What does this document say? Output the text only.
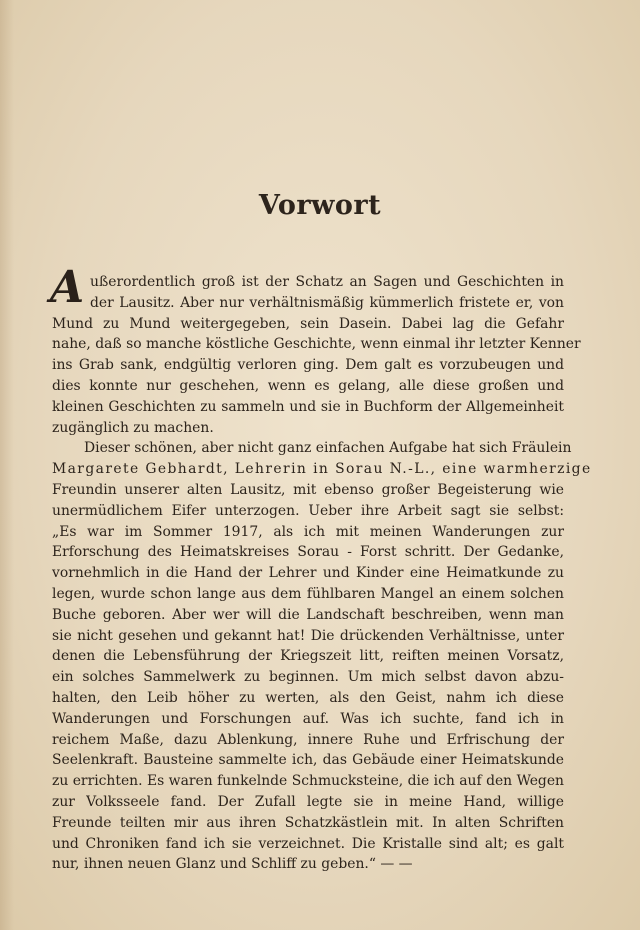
Vorwort
A ußerordentlich groß ist der Schatz an Sagen und Geschichten in
der Lausitz. Aber nur verhältnismäßig kümmerlich fristete er, von
Mund zu Mund weitergegeben, sein Dasein. Dabei lag die Gefahr
nahe, daß so manche köstliche Geschichte, wenn einmal ihr letzter Kenner
ins Grab sank, endgültig verloren ging. Dem galt es vorzubeugen und
dies konnte nur geschehen, wenn es gelang, alle diese großen und
kleinen Geschichten zu sammeln und sie in Buchform der Allgemeinheit
zugänglich zu machen.
Dieser schönen, aber nicht ganz einfachen Aufgabe hat sich Fräulein
Margarete Gebhardt, Lehrerin in Sorau N.-L., eine warmherzige
Freundin unserer alten Lausitz, mit ebenso großer Begeisterung wie
unermüdlichem Eifer unterzogen. Ueber ihre Arbeit sagt sie selbst:
„Es war im Sommer 1917, als ich mit meinen Wanderungen zur
Erforschung des Heimatskreises Sorau - Forst schritt. Der Gedanke,
vornehmlich in die Hand der Lehrer und Kinder eine Heimatkunde zu
legen, wurde schon lange aus dem fühlbaren Mangel an einem solchen
Buche geboren. Aber wer will die Landschaft beschreiben, wenn man
sie nicht gesehen und gekannt hat! Die drückenden Verhältnisse, unter
denen die Lebensführung der Kriegszeit litt, reiften meinen Vorsatz,
ein solches Sammelwerk zu beginnen. Um mich selbst davon abzu-
halten, den Leib höher zu werten, als den Geist, nahm ich diese
Wanderungen und Forschungen auf. Was ich suchte, fand ich in
reichem Maße, dazu Ablenkung, innere Ruhe und Erfrischung der
Seelenkraft. Bausteine sammelte ich, das Gebäude einer Heimatskunde
zu errichten. Es waren funkelnde Schmucksteine, die ich auf den Wegen
zur Volksseele fand. Der Zufall legte sie in meine Hand, willige
Freunde teilten mir aus ihren Schatzkästlein mit. In alten Schriften
und Chroniken fand ich sie verzeichnet. Die Kristalle sind alt; es galt
nur, ihnen neuen Glanz und Schliff zu geben.“ — —
